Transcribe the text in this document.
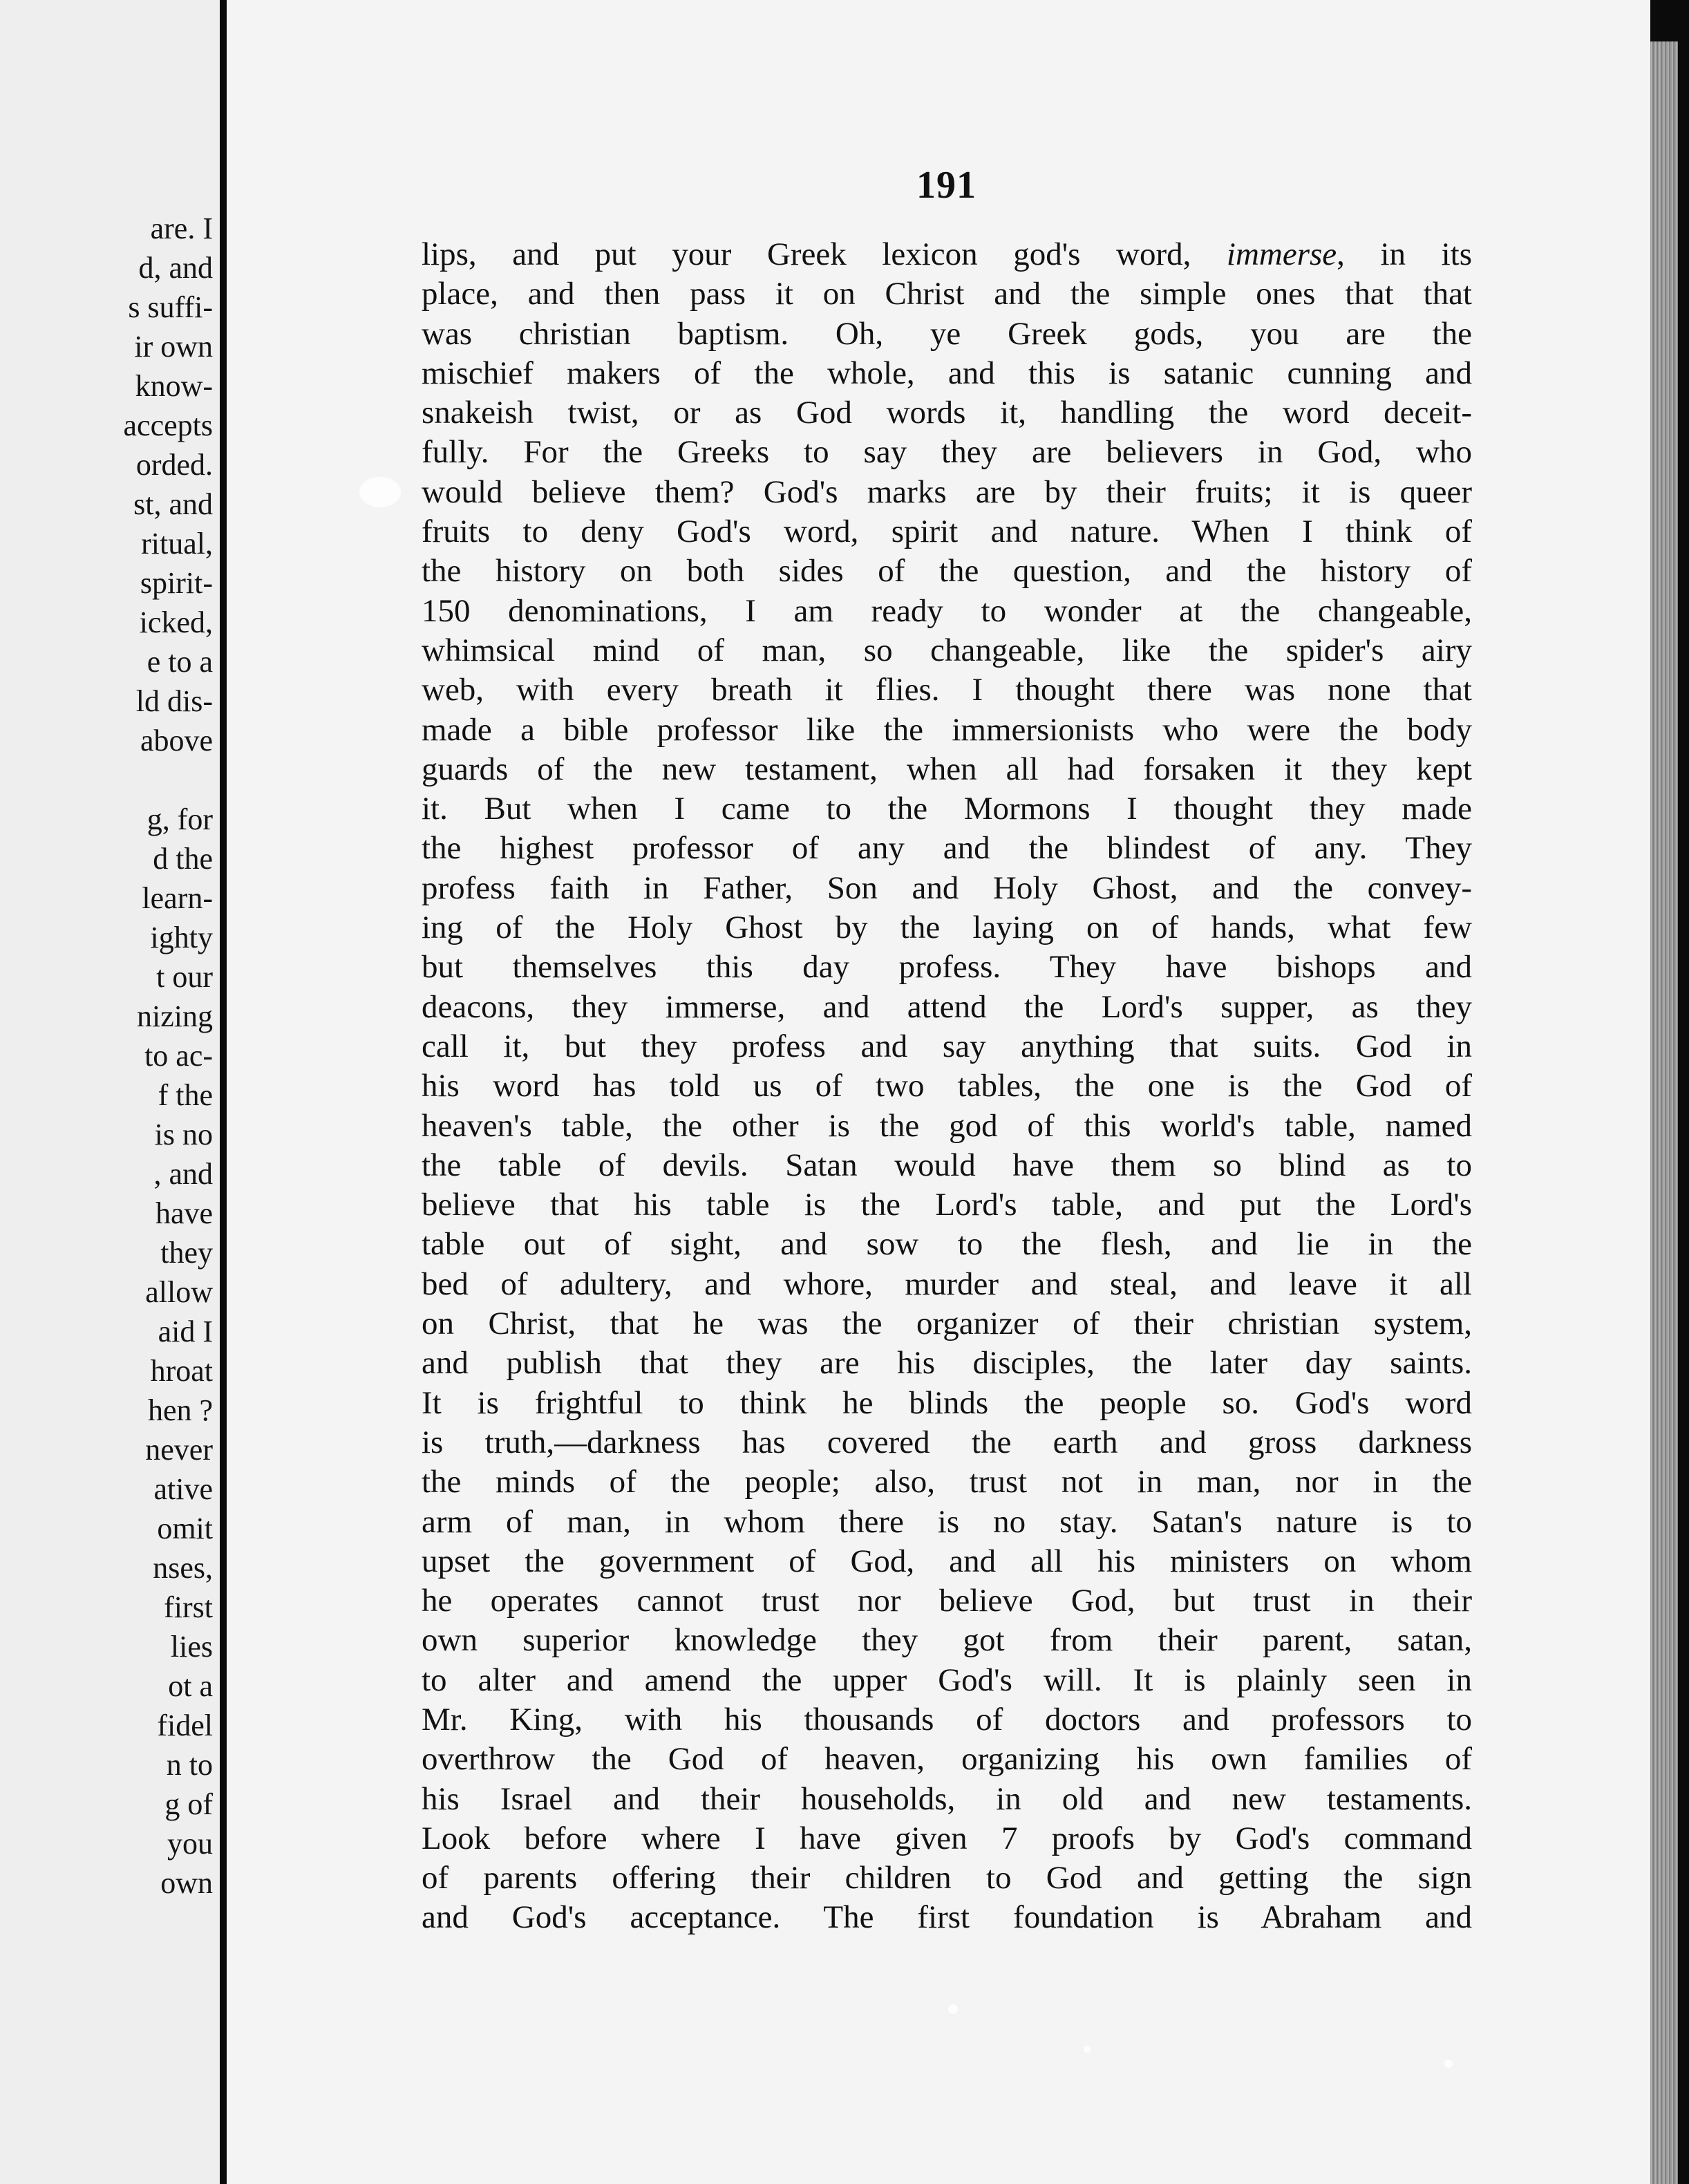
are. I
d, and
s suffi-
ir own
know-
accepts
orded.
st, and
ritual,
spirit-
icked,
e to a
ld dis-
above

g, for
d the
learn-
ighty
t our
nizing
to ac-
f the
is no
, and
have
they
allow
aid I
hroat
hen ?
never
ative
omit
nses,
first
lies
ot a
fidel
n to
g of
you
own
191
lips, and put your Greek lexicon god's word, immerse, in its
place, and then pass it on Christ and the simple ones that that
was christian baptism. Oh, ye Greek gods, you are the
mischief makers of the whole, and this is satanic cunning and
snakeish twist, or as God words it, handling the word deceit-
fully. For the Greeks to say they are believers in God, who
would believe them? God's marks are by their fruits; it is queer
fruits to deny God's word, spirit and nature. When I think of
the history on both sides of the question, and the history of
150 denominations, I am ready to wonder at the changeable,
whimsical mind of man, so changeable, like the spider's airy
web, with every breath it flies. I thought there was none that
made a bible professor like the immersionists who were the body
guards of the new testament, when all had forsaken it they kept
it. But when I came to the Mormons I thought they made
the highest professor of any and the blindest of any. They
profess faith in Father, Son and Holy Ghost, and the convey-
ing of the Holy Ghost by the laying on of hands, what few
but themselves this day profess. They have bishops and
deacons, they immerse, and attend the Lord's supper, as they
call it, but they profess and say anything that suits. God in
his word has told us of two tables, the one is the God of
heaven's table, the other is the god of this world's table, named
the table of devils. Satan would have them so blind as to
believe that his table is the Lord's table, and put the Lord's
table out of sight, and sow to the flesh, and lie in the
bed of adultery, and whore, murder and steal, and leave it all
on Christ, that he was the organizer of their christian system,
and publish that they are his disciples, the later day saints.
It is frightful to think he blinds the people so. God's word
is truth,—darkness has covered the earth and gross darkness
the minds of the people; also, trust not in man, nor in the
arm of man, in whom there is no stay. Satan's nature is to
upset the government of God, and all his ministers on whom
he operates cannot trust nor believe God, but trust in their
own superior knowledge they got from their parent, satan,
to alter and amend the upper God's will. It is plainly seen in
Mr. King, with his thousands of doctors and professors to
overthrow the God of heaven, organizing his own families of
his Israel and their households, in old and new testaments.
Look before where I have given 7 proofs by God's command
of parents offering their children to God and getting the sign
and God's acceptance. The first foundation is Abraham and
